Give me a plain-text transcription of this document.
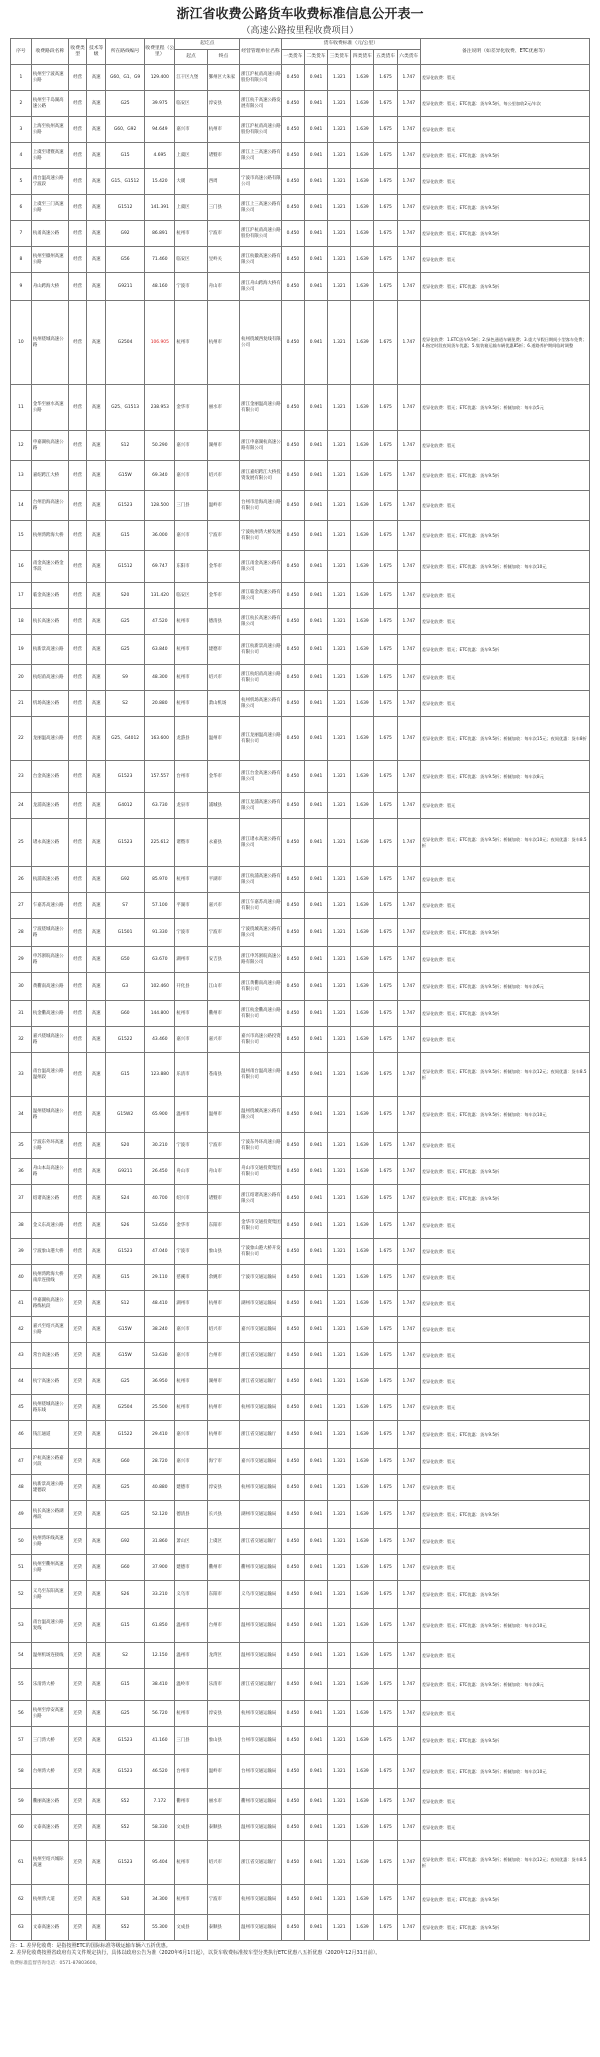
浙江省收费公路货车收费标准信息公开表一
（高速公路按里程收费项目）
序号	收费路段名称	收费类型	技术等级	所在路线编号	收费里程（公里）	起讫点		经营管理单位名称	货车收费标准（元/公里）						备注说明（如差异化收费、ETC优惠等）
						起点	终点		一类货车	二类货车	三类货车	四类货车	五类货车	六类货车	
1	杭州至宁波高速公路	经营	高速	G60、G1、G9	129.400	江干区九堡	鄞州区大朱家	浙江沪杭甬高速公路股份有限公司	0.450	0.941	1.321	1.639	1.675	1.747	差异化收费：暂无
2	杭州至千岛湖高速公路	经营	高速	G25	39.975	临安区	淳安县	浙江杭千高速公路发展有限公司	0.450	0.941	1.321	1.639	1.675	1.747	差异化收费：暂无；ETC优惠：货车9.5折，每公里加收2元/车次
3	上海至杭州高速公路	经营	高速	G60、G92	94.649	嘉兴市	杭州市	浙江沪杭甬高速公路股份有限公司	0.450	0.941	1.321	1.639	1.675	1.747	差异化收费：暂无
4	上虞至诸暨高速公路	经营	高速	G15	4.695	上虞区	诸暨市	浙江上三高速公路有限公司	0.450	0.941	1.321	1.639	1.675	1.747	差异化收费：暂无；ETC优惠：货车9.5折
5	甬台温高速公路宁波段	经营	高速	G15、G1512	15.420	大碶	西周	宁波市高速公路有限公司	0.450	0.941	1.321	1.639	1.675	1.747	差异化收费：暂无
6	上虞至三门高速公路	经营	高速	G1512	141.391	上虞区	三门县	浙江上三高速公路有限公司	0.450	0.941	1.321	1.639	1.675	1.747	差异化收费：暂无；ETC优惠：货车9.5折
7	杭甬高速公路	经营	高速	G92	86.891	杭州市	宁波市	浙江沪杭甬高速公路股份有限公司	0.450	0.941	1.321	1.639	1.675	1.747	差异化收费：暂无；ETC优惠：货车9.5折
8	杭州至徽州高速公路	经营	高速	G56	71.460	临安区	昱岭关	浙江杭徽高速公路有限公司	0.450	0.941	1.321	1.639	1.675	1.747	差异化收费：暂无
9	舟山跨海大桥	经营	高速	G9211	48.160	宁波市	舟山市	浙江舟山跨海大桥有限公司	0.450	0.941	1.321	1.639	1.675	1.747	差异化收费：暂无；ETC优惠：货车9.5折
10	杭州绕城高速公路	经营	高速	G2504	106.905	杭州市	杭州市	杭州绕城西复线有限公司	0.450	0.941	1.321	1.639	1.675	1.747	差异化收费：1.ETC货车9.5折；2.绿色通道车辆免费；3.重大节假日期间小型客车免费；4.指定时段夜间货车优惠；5.集装箱运输车辆优惠85折；6.道路养护期间临时调整
11	金华至丽水高速公路	经营	高速	G25、G1513	238.953	金华市	丽水市	浙江金丽温高速公路有限公司	0.450	0.941	1.321	1.639	1.675	1.747	差异化收费：暂无；ETC优惠：货车9.5折；桥隧加收：每车次5元
12	申嘉湖杭高速公路	经营	高速	S12	50.290	嘉兴市	湖州市	浙江申嘉湖杭高速公路有限公司	0.450	0.941	1.321	1.639	1.675	1.747	差异化收费：暂无
13	嘉绍跨江大桥	经营	高速	G15W	69.340	嘉兴市	绍兴市	浙江嘉绍跨江大桥投资发展有限公司	0.450	0.941	1.321	1.639	1.675	1.747	差异化收费：暂无；ETC优惠：货车9.5折
14	台州沿海高速公路	经营	高速	G1523	128.500	三门县	温岭市	台州市沿海高速公路有限公司	0.450	0.941	1.321	1.639	1.675	1.747	差异化收费：暂无
15	杭州湾跨海大桥	经营	高速	G15	36.000	嘉兴市	宁波市	宁波杭州湾大桥发展有限公司	0.450	0.941	1.321	1.639	1.675	1.747	差异化收费：暂无；ETC优惠：货车9.5折
16	甬金高速公路金华段	经营	高速	G1512	69.747	东阳市	金华市	浙江甬金高速公路有限公司	0.450	0.941	1.321	1.639	1.675	1.747	差异化收费：暂无；ETC优惠：货车9.5折；桥隧加收：每车次10元
17	临金高速公路	经营	高速	S20	131.420	临安区	金华市	浙江临金高速公路有限公司	0.450	0.941	1.321	1.639	1.675	1.747	差异化收费：暂无
18	杭长高速公路	经营	高速	G25	47.520	杭州市	德清县	浙江杭长高速公路有限公司	0.450	0.941	1.321	1.639	1.675	1.747	差异化收费：暂无
19	杭新景高速公路	经营	高速	G25	63.840	杭州市	建德市	浙江杭新景高速公路有限公司	0.450	0.941	1.321	1.639	1.675	1.747	差异化收费：暂无；ETC优惠：货车9.5折
20	杭绍甬高速公路	经营	高速	S9	48.300	杭州市	绍兴市	浙江杭绍甬高速公路有限公司	0.450	0.941	1.321	1.639	1.675	1.747	差异化收费：暂无
21	机场高速公路	经营	高速	S2	20.880	杭州市	萧山机场	杭州机场高速公路有限公司	0.450	0.941	1.321	1.639	1.675	1.747	差异化收费：暂无
22	龙丽温高速公路	经营	高速	G25、G4012	163.600	龙游县	温州市	浙江龙丽温高速公路有限公司	0.450	0.941	1.321	1.639	1.675	1.747	差异化收费：暂无；ETC优惠：货车9.5折；桥隧加收：每车次15元；夜间优惠：货车8折
23	台金高速公路	经营	高速	G1523	157.557	台州市	金华市	浙江台金高速公路有限公司	0.450	0.941	1.321	1.639	1.675	1.747	差异化收费：暂无；ETC优惠：货车9.5折；桥隧加收：每车次8元
24	龙浦高速公路	经营	高速	G4012	63.730	龙泉市	浦城县	浙江龙浦高速公路有限公司	0.450	0.941	1.321	1.639	1.675	1.747	差异化收费：暂无
25	诸永高速公路	经营	高速	G1523	225.612	诸暨市	永嘉县	浙江诸永高速公路有限公司	0.450	0.941	1.321	1.639	1.675	1.747	差异化收费：暂无；ETC优惠：货车9.5折；桥隧加收：每车次10元；夜间优惠：货车8.5折
26	杭浦高速公路	经营	高速	G92	85.970	杭州市	平湖市	浙江杭浦高速公路有限公司	0.450	0.941	1.321	1.639	1.675	1.747	差异化收费：暂无
27	乍嘉苏高速公路	经营	高速	S7	57.100	平湖市	嘉兴市	浙江乍嘉苏高速公路有限公司	0.450	0.941	1.321	1.639	1.675	1.747	差异化收费：暂无
28	宁波绕城高速公路	经营	高速	G1501	91.330	宁波市	宁波市	宁波绕城高速公路有限公司	0.450	0.941	1.321	1.639	1.675	1.747	差异化收费：暂无；ETC优惠：货车9.5折
29	申苏浙皖高速公路	经营	高速	G50	63.670	湖州市	安吉县	浙江申苏浙皖高速公路有限公司	0.450	0.941	1.321	1.639	1.675	1.747	差异化收费：暂无
30	黄衢南高速公路	经营	高速	G3	102.460	开化县	江山市	浙江黄衢南高速公路有限公司	0.450	0.941	1.321	1.639	1.675	1.747	差异化收费：暂无；ETC优惠：货车9.5折；桥隧加收：每车次6元
31	杭金衢高速公路	经营	高速	G60	144.800	杭州市	衢州市	浙江杭金衢高速公路有限公司	0.450	0.941	1.321	1.639	1.675	1.747	差异化收费：暂无；ETC优惠：货车9.5折
32	嘉兴绕城高速公路	经营	高速	G1522	43.460	嘉兴市	嘉兴市	嘉兴市高速公路投资有限公司	0.450	0.941	1.321	1.639	1.675	1.747	差异化收费：暂无
33	甬台温高速公路温州段	经营	高速	G15	123.880	乐清市	苍南县	温州甬台温高速公路有限公司	0.450	0.941	1.321	1.639	1.675	1.747	差异化收费：暂无；ETC优惠：货车9.5折；桥隧加收：每车次12元；夜间优惠：货车8.5折
34	温州绕城高速公路	经营	高速	G15W2	65.900	温州市	温州市	温州绕城高速公路有限公司	0.450	0.941	1.321	1.639	1.675	1.747	差异化收费：暂无；ETC优惠：货车9.5折；桥隧加收：每车次10元
35	宁波东外环高速公路	经营	高速	S20	30.210	宁波市	宁波市	宁波东外环高速公路有限公司	0.450	0.941	1.321	1.639	1.675	1.747	差异化收费：暂无
36	舟山本岛高速公路	经营	高速	G9211	26.450	舟山市	舟山市	舟山市交通投资集团有限公司	0.450	0.941	1.321	1.639	1.675	1.747	差异化收费：暂无；ETC优惠：货车9.5折
37	绍诸高速公路	经营	高速	S24	40.700	绍兴市	诸暨市	浙江绍诸高速公路有限公司	0.450	0.941	1.321	1.639	1.675	1.747	差异化收费：暂无；ETC优惠：货车9.5折
38	金义东高速公路	经营	高速	S26	53.650	金华市	东阳市	金华市交通投资集团有限公司	0.450	0.941	1.321	1.639	1.675	1.747	差异化收费：暂无
39	宁波象山港大桥	经营	高速	G1523	47.040	宁波市	象山县	宁波象山港大桥开发有限公司	0.450	0.941	1.321	1.639	1.675	1.747	差异化收费：暂无
40	杭州湾跨海大桥南岸连接线	还贷	高速	G15	29.110	慈溪市	余姚市	宁波市交通运输局	0.450	0.941	1.321	1.639	1.675	1.747	差异化收费：暂无
41	申嘉湖杭高速公路练杭段	还贷	高速	S12	48.410	湖州市	杭州市	湖州市交通运输局	0.450	0.941	1.321	1.639	1.675	1.747	差异化收费：暂无
42	嘉兴至绍兴高速公路	还贷	高速	G15W	38.240	嘉兴市	绍兴市	嘉兴市交通运输局	0.450	0.941	1.321	1.639	1.675	1.747	差异化收费：暂无
43	常台高速公路	还贷	高速	G15W	53.630	嘉兴市	台州市	浙江省交通运输厅	0.450	0.941	1.321	1.639	1.675	1.747	差异化收费：暂无
44	杭宁高速公路	还贷	高速	G25	36.950	杭州市	湖州市	浙江省交通运输厅	0.450	0.941	1.321	1.639	1.675	1.747	差异化收费：暂无
45	杭州绕城高速公路东线	还贷	高速	G2504	25.500	杭州市	杭州市	杭州市交通运输局	0.450	0.941	1.321	1.639	1.675	1.747	差异化收费：暂无
46	钱江通道	还贷	高速	G1522	29.410	嘉兴市	杭州市	浙江省交通运输厅	0.450	0.941	1.321	1.639	1.675	1.747	差异化收费：暂无；ETC优惠：货车9.5折
47	沪杭高速公路嘉兴段	还贷	高速	G60	28.720	嘉兴市	海宁市	嘉兴市交通运输局	0.450	0.941	1.321	1.639	1.675	1.747	差异化收费：暂无
48	杭新景高速公路建德段	还贷	高速	G25	40.880	建德市	淳安县	杭州市交通运输局	0.450	0.941	1.321	1.639	1.675	1.747	差异化收费：暂无
49	杭长高速公路湖州段	还贷	高速	G25	52.120	德清县	长兴县	湖州市交通运输局	0.450	0.941	1.321	1.639	1.675	1.747	差异化收费：暂无；ETC优惠：货车9.5折
50	杭州湾环线高速公路	还贷	高速	G92	31.860	萧山区	上虞区	浙江省交通运输厅	0.450	0.941	1.321	1.639	1.675	1.747	差异化收费：暂无
51	杭州至衢州高速公路	还贷	高速	G60	37.900	建德市	衢州市	衢州市交通运输局	0.450	0.941	1.321	1.639	1.675	1.747	差异化收费：暂无
52	义乌至东阳高速公路	还贷	高速	S26	33.210	义乌市	东阳市	义乌市交通运输局	0.450	0.941	1.321	1.639	1.675	1.747	差异化收费：暂无；ETC优惠：货车9.5折
53	甬台温高速公路复线	还贷	高速	G15	61.850	温州市	台州市	温州市交通运输局	0.450	0.941	1.321	1.639	1.675	1.747	差异化收费：暂无；ETC优惠：货车9.5折；桥隧加收：每车次10元
54	温州机场连接线	还贷	高速	S2	12.150	温州市	龙湾区	温州市交通运输局	0.450	0.941	1.321	1.639	1.675	1.747	差异化收费：暂无
55	乐清湾大桥	还贷	高速	G15	38.410	温岭市	乐清市	浙江省交通运输厅	0.450	0.941	1.321	1.639	1.675	1.747	差异化收费：暂无；ETC优惠：货车9.5折；桥隧加收：每车次8元
56	杭州至淳安高速公路	还贷	高速	G25	56.720	杭州市	淳安县	杭州市交通运输局	0.450	0.941	1.321	1.639	1.675	1.747	差异化收费：暂无
57	三门湾大桥	还贷	高速	G1523	41.160	三门县	象山县	台州市交通运输局	0.450	0.941	1.321	1.639	1.675	1.747	差异化收费：暂无；ETC优惠：货车9.5折
58	台州湾大桥	还贷	高速	G1523	46.520	台州市	温岭市	台州市交通运输局	0.450	0.941	1.321	1.639	1.675	1.747	差异化收费：暂无；ETC优惠：货车9.5折；桥隧加收：每车次10元
59	衢丽高速公路	还贷	高速	S52	7.172	衢州市	丽水市	衢州市交通运输局	0.450	0.941	1.321	1.639	1.675	1.747	差异化收费：暂无
60	文泰高速公路	还贷	高速	S52	58.330	文成县	泰顺县	温州市交通运输局	0.450	0.941	1.321	1.639	1.675	1.747	差异化收费：暂无
61	杭州至绍兴城际高速	还贷	高速	G1523	95.404	杭州市	绍兴市	浙江省交通运输厅	0.450	0.941	1.321	1.639	1.675	1.747	差异化收费：暂无；ETC优惠：货车9.5折；桥隧加收：每车次12元；夜间优惠：货车8.5折
62	杭州湾大道	还贷	高速	S30	34.300	杭州市	宁波市	杭州市交通运输局	0.450	0.941	1.321	1.639	1.675	1.747	差异化收费：暂无；ETC优惠：货车9.5折
63	文泰高速公路	还贷	高速	S52	55.300	文成县	泰顺县	温州市交通运输局	0.450	0.941	1.321	1.639	1.675	1.747	差异化收费：暂无；ETC优惠：货车9.5折
注：1. 差异化收费：是指按照ETC的国际标准等级运输车辆六五折优惠。
2. 差异化收费按照省政府有关文件规定执行，具体以政府公告为准（2020年6月1日起），以货车收费标准按车型分类执行ETC优惠八五折优惠（2020年12月31日前）。
收费标准监督咨询电话：0571-87803600。
